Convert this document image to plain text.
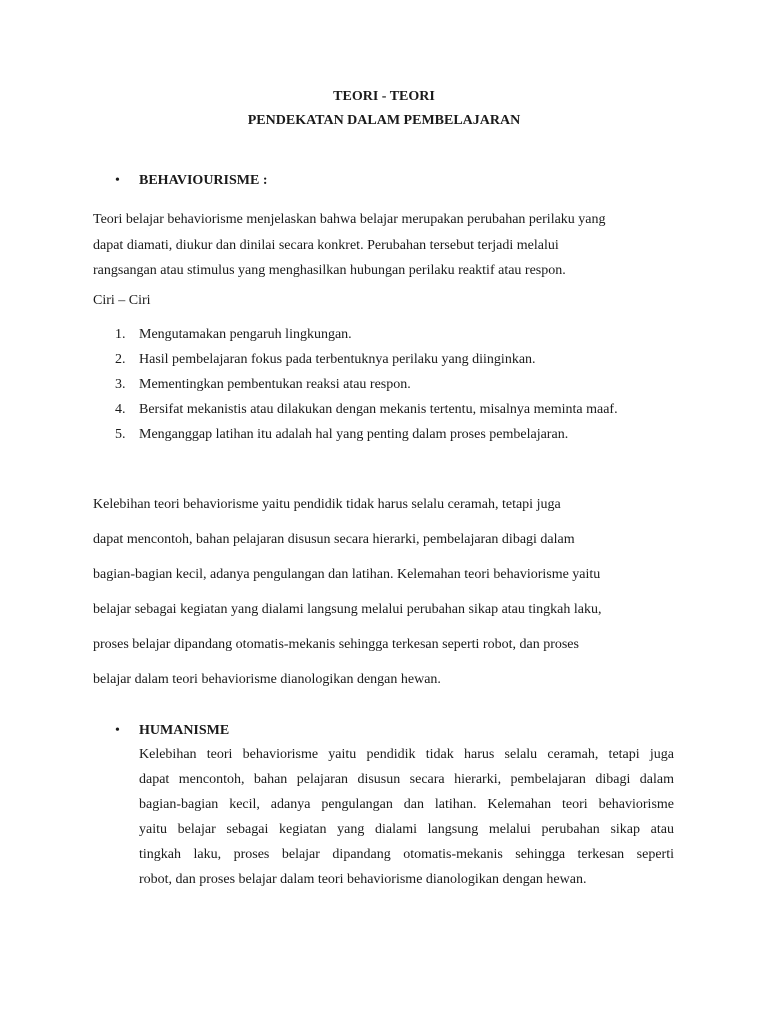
TEORI - TEORI
PENDEKATAN DALAM PEMBELAJARAN
• BEHAVIOURISME :
Teori belajar behaviorisme menjelaskan bahwa belajar merupakan perubahan perilaku yang
dapat diamati, diukur dan dinilai secara konkret. Perubahan tersebut terjadi melalui
rangsangan atau stimulus yang menghasilkan hubungan perilaku reaktif atau respon.
Ciri – Ciri
1. Mengutamakan pengaruh lingkungan.
2. Hasil pembelajaran fokus pada terbentuknya perilaku yang diinginkan.
3. Mementingkan pembentukan reaksi atau respon.
4. Bersifat mekanistis atau dilakukan dengan mekanis tertentu, misalnya meminta maaf.
5. Menganggap latihan itu adalah hal yang penting dalam proses pembelajaran.
Kelebihan teori behaviorisme yaitu pendidik tidak harus selalu ceramah, tetapi juga
dapat mencontoh, bahan pelajaran disusun secara hierarki, pembelajaran dibagi dalam
bagian-bagian kecil, adanya pengulangan dan latihan. Kelemahan teori behaviorisme yaitu
belajar sebagai kegiatan yang dialami langsung melalui perubahan sikap atau tingkah laku,
proses belajar dipandang otomatis-mekanis sehingga terkesan seperti robot, dan proses
belajar dalam teori behaviorisme dianologikan dengan hewan.
• HUMANISME
Kelebihan teori behaviorisme yaitu pendidik tidak harus selalu ceramah, tetapi juga
dapat mencontoh, bahan pelajaran disusun secara hierarki, pembelajaran dibagi dalam
bagian-bagian kecil, adanya pengulangan dan latihan. Kelemahan teori behaviorisme
yaitu belajar sebagai kegiatan yang dialami langsung melalui perubahan sikap atau
tingkah laku, proses belajar dipandang otomatis-mekanis sehingga terkesan seperti
robot, dan proses belajar dalam teori behaviorisme dianologikan dengan hewan.
